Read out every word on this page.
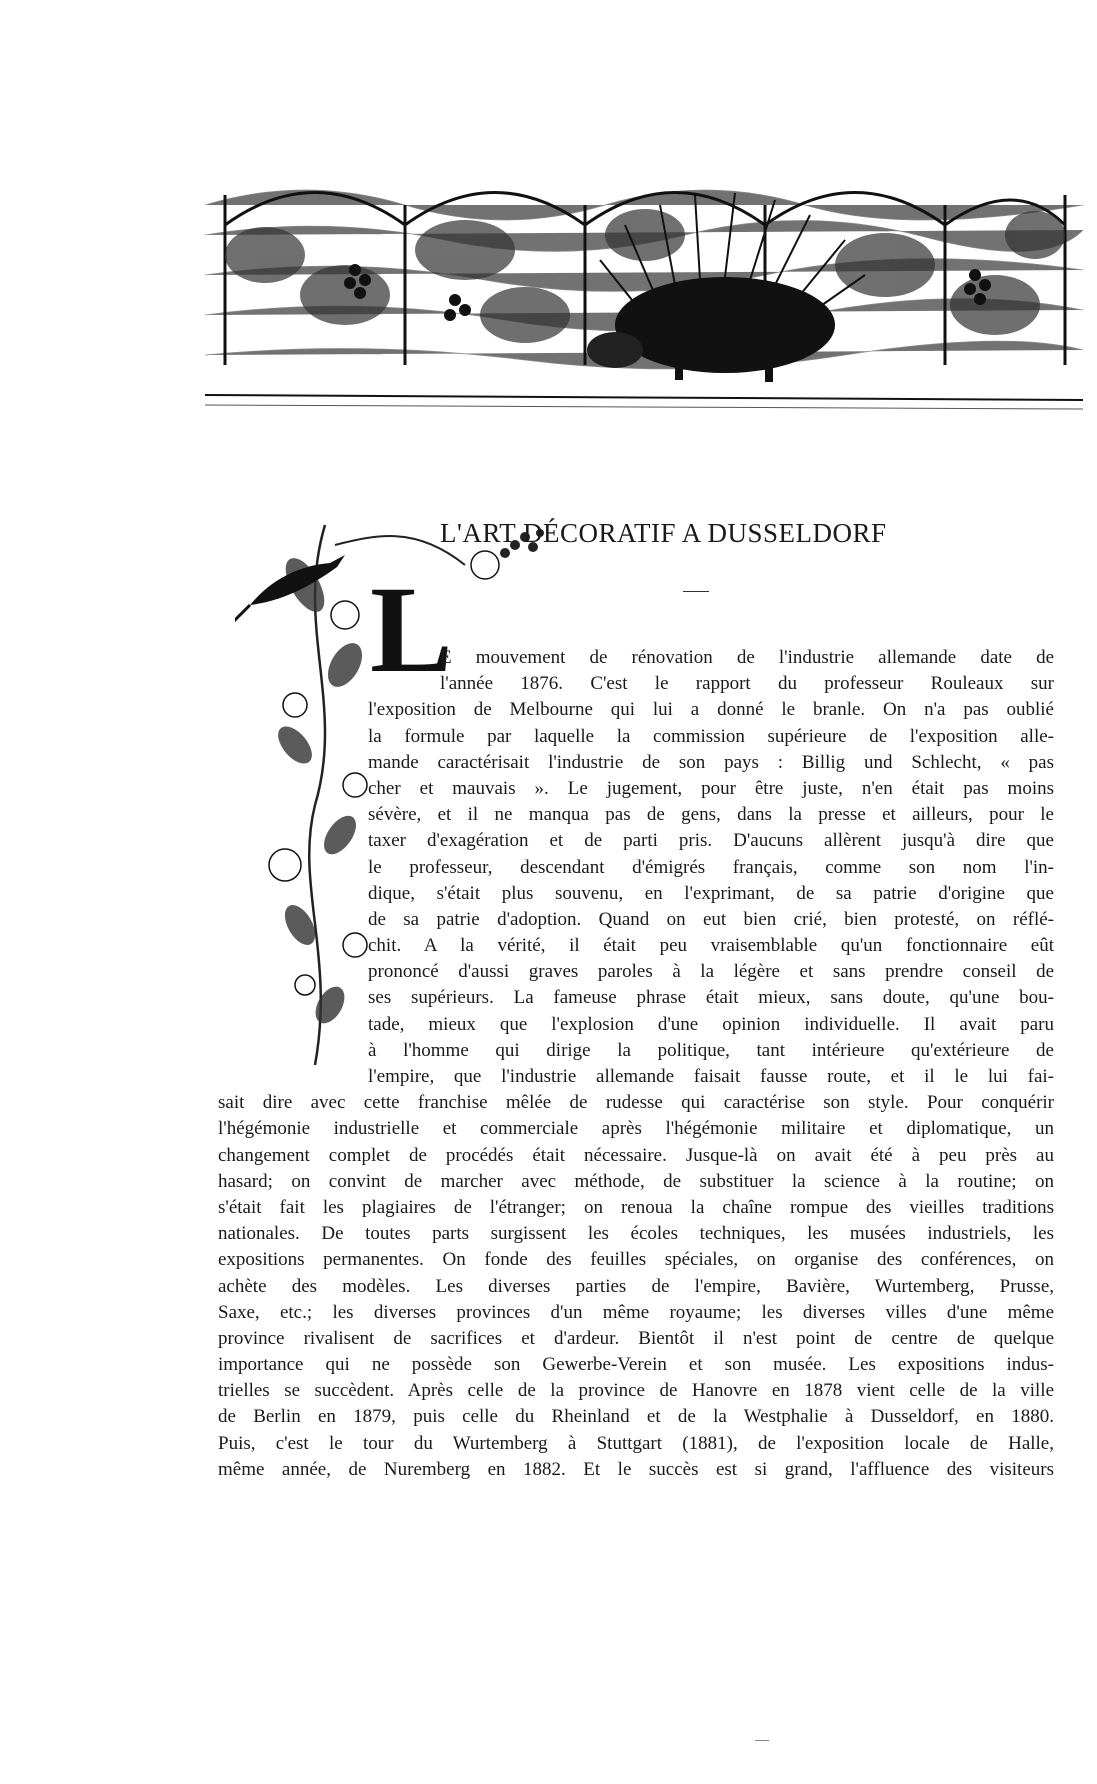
L
L'ART DÉCORATIF A DUSSELDORF
E mouvement de rénovation de l'industrie allemande date de
l'année 1876. C'est le rapport du professeur Rouleaux sur
l'exposition de Melbourne qui lui a donné le branle. On n'a pas oublié
la formule par laquelle la commission supérieure de l'exposition alle-
mande caractérisait l'industrie de son pays : Billig und Schlecht, « pas
cher et mauvais ». Le jugement, pour être juste, n'en était pas moins
sévère, et il ne manqua pas de gens, dans la presse et ailleurs, pour le
taxer d'exagération et de parti pris. D'aucuns allèrent jusqu'à dire que
le professeur, descendant d'émigrés français, comme son nom l'in-
dique, s'était plus souvenu, en l'exprimant, de sa patrie d'origine que
de sa patrie d'adoption. Quand on eut bien crié, bien protesté, on réflé-
chit. A la vérité, il était peu vraisemblable qu'un fonctionnaire eût
prononcé d'aussi graves paroles à la légère et sans prendre conseil de
ses supérieurs. La fameuse phrase était mieux, sans doute, qu'une bou-
tade, mieux que l'explosion d'une opinion individuelle. Il avait paru
à l'homme qui dirige la politique, tant intérieure qu'extérieure de
l'empire, que l'industrie allemande faisait fausse route, et il le lui fai-
sait dire avec cette franchise mêlée de rudesse qui caractérise son style. Pour conquérir
l'hégémonie industrielle et commerciale après l'hégémonie militaire et diplomatique, un
changement complet de procédés était nécessaire. Jusque-là on avait été à peu près au
hasard; on convint de marcher avec méthode, de substituer la science à la routine; on
s'était fait les plagiaires de l'étranger; on renoua la chaîne rompue des vieilles traditions
nationales. De toutes parts surgissent les écoles techniques, les musées industriels, les
expositions permanentes. On fonde des feuilles spéciales, on organise des conférences, on
achète des modèles. Les diverses parties de l'empire, Bavière, Wurtemberg, Prusse,
Saxe, etc.; les diverses provinces d'un même royaume; les diverses villes d'une même
province rivalisent de sacrifices et d'ardeur. Bientôt il n'est point de centre de quelque
importance qui ne possède son Gewerbe-Verein et son musée. Les expositions indus-
trielles se succèdent. Après celle de la province de Hanovre en 1878 vient celle de la ville
de Berlin en 1879, puis celle du Rheinland et de la Westphalie à Dusseldorf, en 1880.
Puis, c'est le tour du Wurtemberg à Stuttgart (1881), de l'exposition locale de Halle,
même année, de Nuremberg en 1882. Et le succès est si grand, l'affluence des visiteurs
